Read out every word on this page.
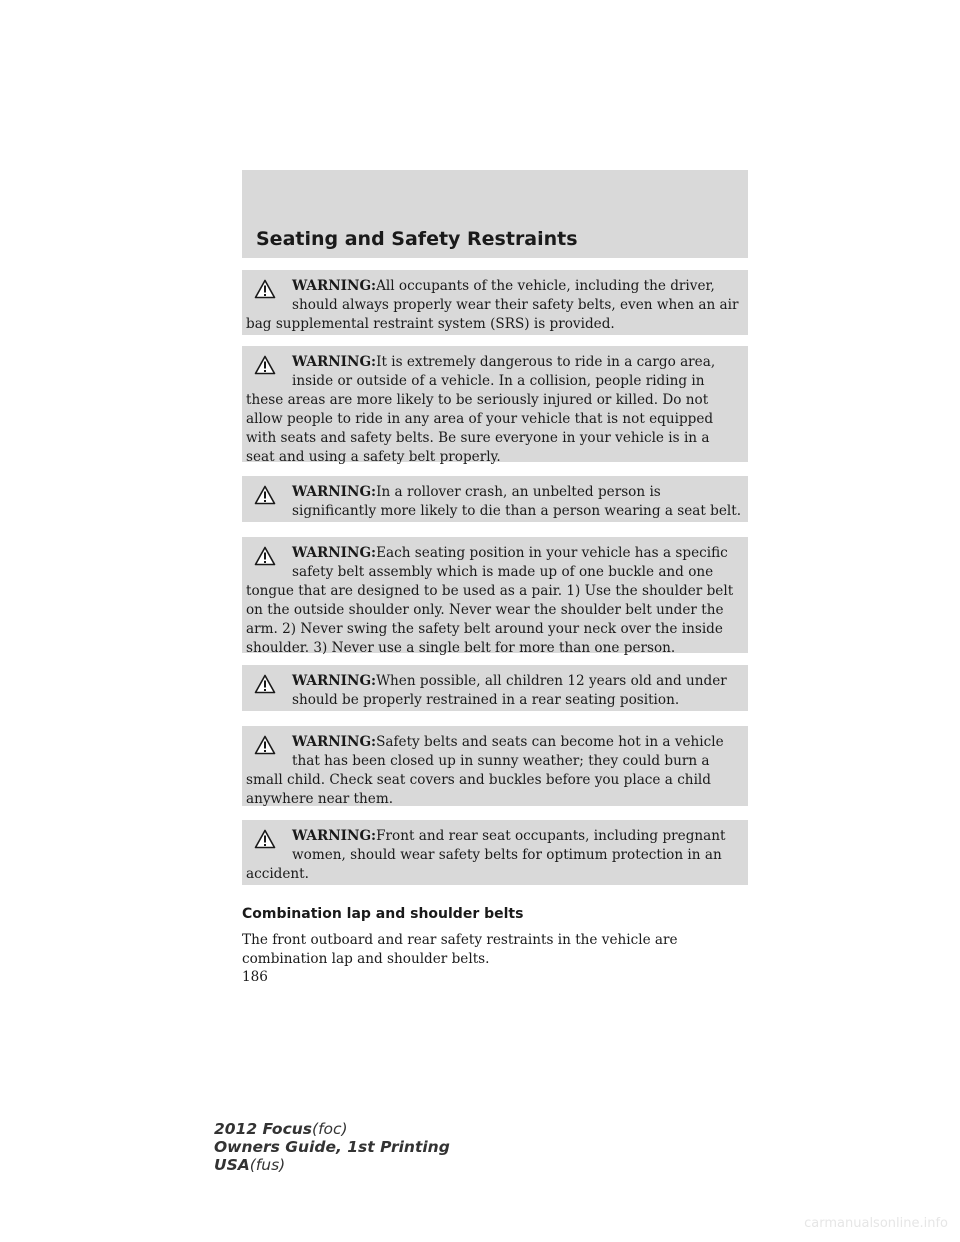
Seating and Safety Restraints
WARNING:All occupants of the vehicle, including the driver,
should always properly wear their safety belts, even when an air
bag supplemental restraint system (SRS) is provided.
WARNING:It is extremely dangerous to ride in a cargo area,
inside or outside of a vehicle. In a collision, people riding in
these areas are more likely to be seriously injured or killed. Do not
allow people to ride in any area of your vehicle that is not equipped
with seats and safety belts. Be sure everyone in your vehicle is in a
seat and using a safety belt properly.
WARNING:In a rollover crash, an unbelted person is
significantly more likely to die than a person wearing a seat belt.
WARNING:Each seating position in your vehicle has a specific
safety belt assembly which is made up of one buckle and one
tongue that are designed to be used as a pair. 1) Use the shoulder belt
on the outside shoulder only. Never wear the shoulder belt under the
arm. 2) Never swing the safety belt around your neck over the inside
shoulder. 3) Never use a single belt for more than one person.
WARNING:When possible, all children 12 years old and under
should be properly restrained in a rear seating position.
WARNING:Safety belts and seats can become hot in a vehicle
that has been closed up in sunny weather; they could burn a
small child. Check seat covers and buckles before you place a child
anywhere near them.
WARNING:Front and rear seat occupants, including pregnant
women, should wear safety belts for optimum protection in an
accident.
Combination lap and shoulder belts
The front outboard and rear safety restraints in the vehicle are
combination lap and shoulder belts.
186
2012 Focus(foc)
Owners Guide, 1st Printing
USA(fus)
carmanualsonline.info
